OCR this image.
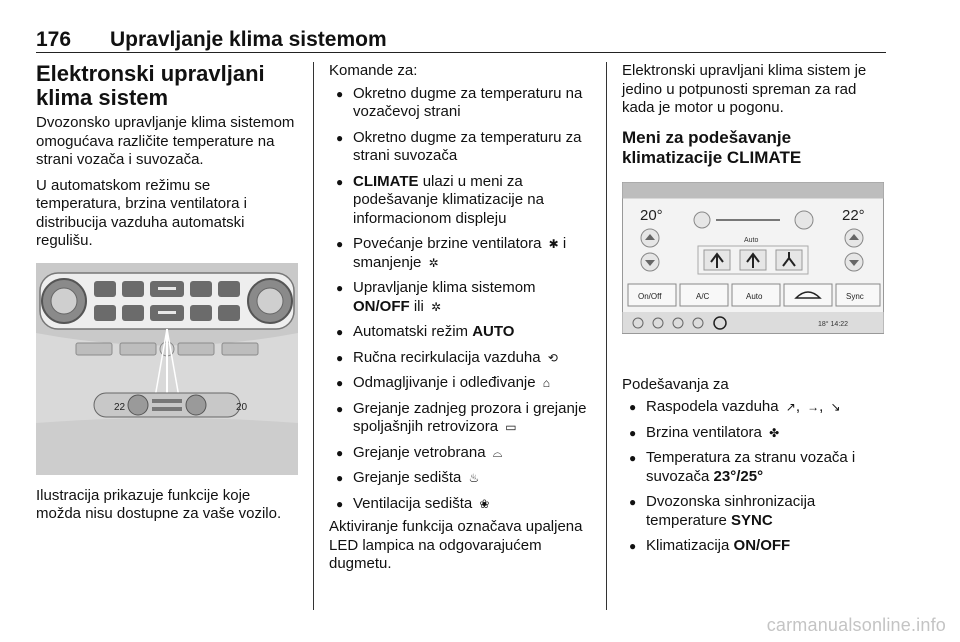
176 Upravljanje klima sistemom
Elektronski upravljani klima sistem

Dvozonsko upravljanje klima sistemom omogućava različite temperature na strani vozača i suvozača.

U automatskom režimu se temperatura, brzina ventilatora i distribucija vazduha automatski regulišu.

22	20

Ilustracija prikazuje funkcije koje možda nisu dostupne za vaše vozilo.

Komande za:

● Okretno dugme za temperaturu na vozačevoj strani
● Okretno dugme za temperaturu za strani suvozača
● CLIMATE ulazi u meni za podešavanje klimatizacije na informacionom displeju
● Povećanje brzine ventilatora ✱ i smanjenje ✲
● Upravljanje klima sistemom ON/OFF ili ✲
● Automatski režim AUTO
● Ručna recirkulacija vazduha ⟲
● Odmagljivanje i odleđivanje ⌂
● Grejanje zadnjeg prozora i grejanje spoljašnjih retrovizora ▭
● Grejanje vetrobrana ⌓
● Grejanje sedišta ♨
● Ventilacija sedišta ❀

Aktiviranje funkcija označava upaljena LED lampica na odgovarajućem dugmetu.

Elektronski upravljani klima sistem je jedino u potpunosti spreman za rad kada je motor u pogonu.

Meni za podešavanje klimatizacije CLIMATE
20°	22°
Auto
On/Off	A/C	Auto	Sync
18° 14:22

Podešavanja za

● Raspodela vazduha ↗, →, ↘
● Brzina ventilatora ✤
● Temperatura za stranu vozača i suvozača 23°/25°
● Dvozonska sinhronizacija temperature SYNC
● Klimatizacija ON/OFF
carmanualsonline.info
